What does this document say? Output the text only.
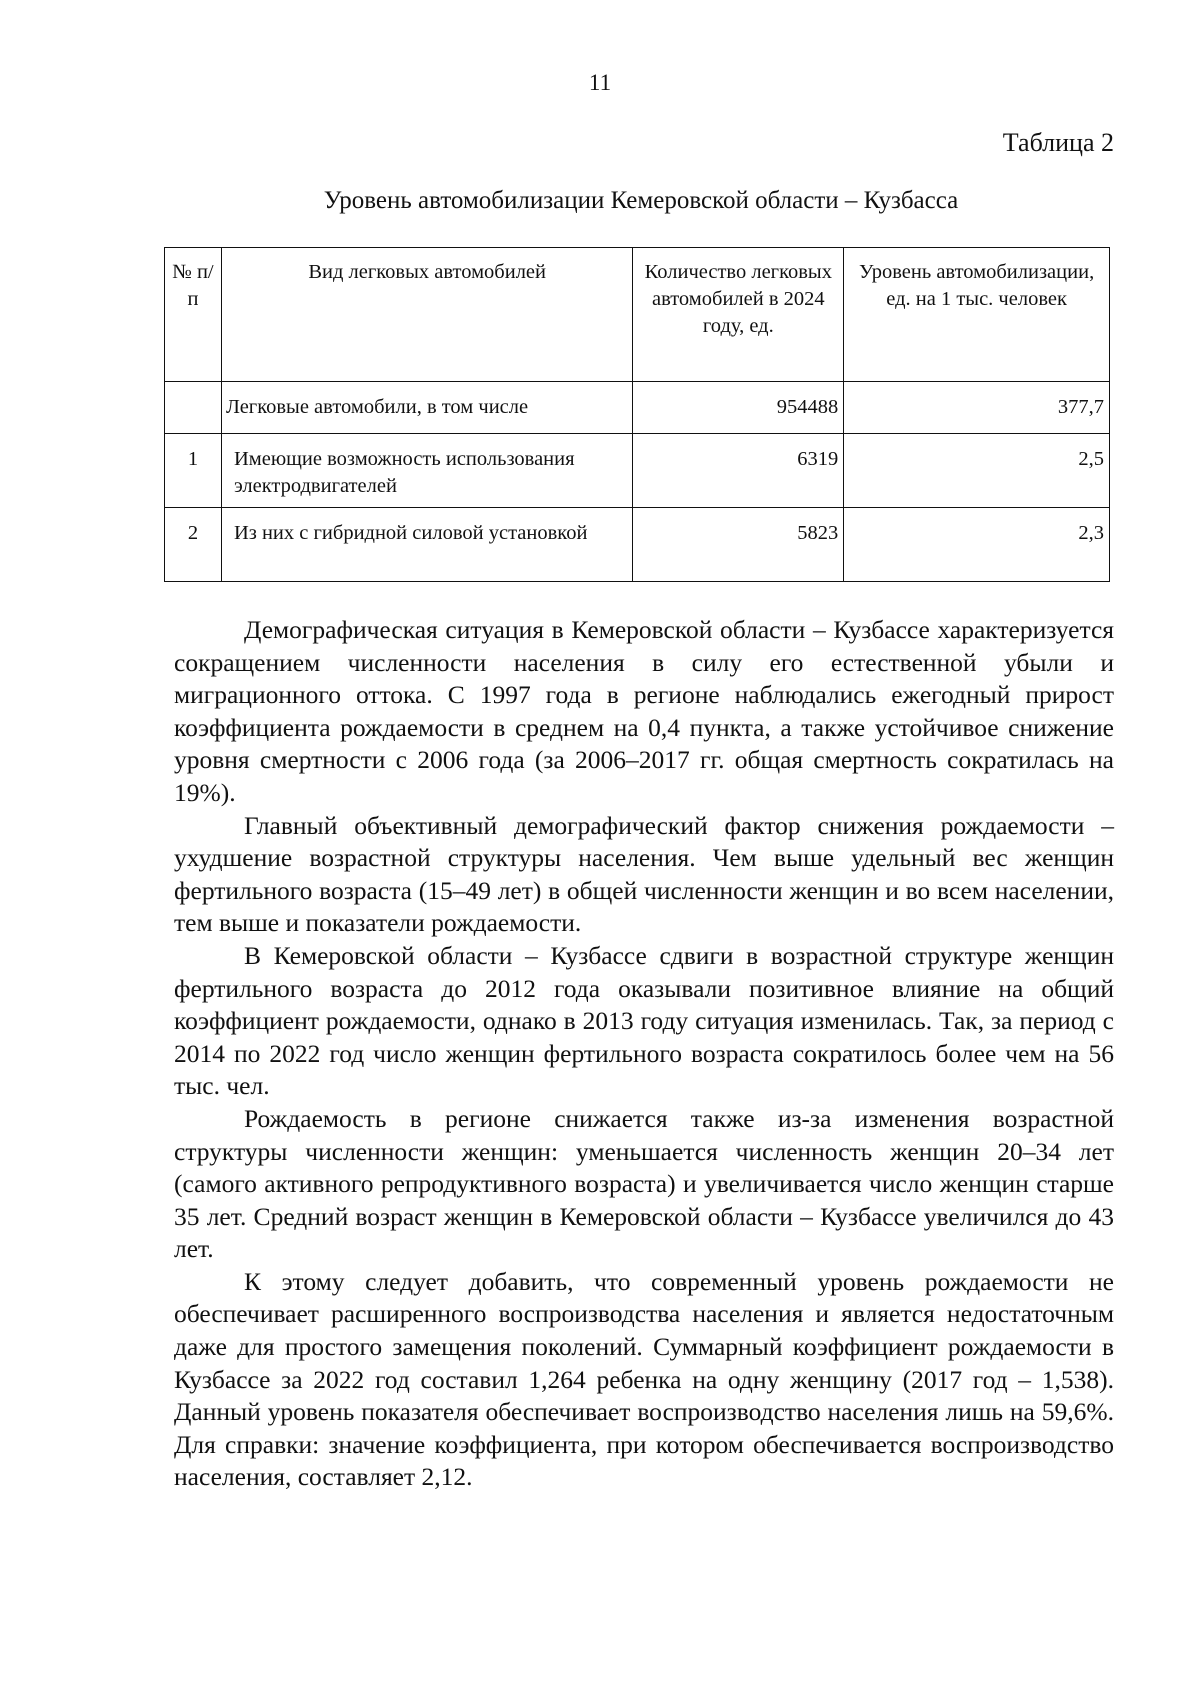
11
Таблица 2
Уровень автомобилизации Кемеровской области – Кузбасса
№ п/п	Вид легковых автомобилей	Количество легковых автомобилей в 2024 году, ед.	Уровень автомобилизации, ед. на 1 тыс. человек

	Легковые автомобили, в том числе	954488	377,7

1	Имеющие возможность использования электродвигателей	6319	2,5

2	Из них с гибридной силовой установкой	5823	2,3

Демографическая ситуация в Кемеровской области – Кузбассе характеризуется сокращением численности населения в силу его естественной убыли и миграционного оттока. С 1997 года в регионе наблюдались ежегодный прирост коэффициента рождаемости в среднем на 0,4 пункта, а также устойчивое снижение уровня смертности с 2006 года (за 2006–2017 гг. общая смертность сократилась на 19%).

Главный объективный демографический фактор снижения рождаемости – ухудшение возрастной структуры населения. Чем выше удельный вес женщин фертильного возраста (15–49 лет) в общей численности женщин и во всем населении, тем выше и показатели рождаемости.

В Кемеровской области – Кузбассе сдвиги в возрастной структуре женщин фертильного возраста до 2012 года оказывали позитивное влияние на общий коэффициент рождаемости, однако в 2013 году ситуация изменилась. Так, за период с 2014 по 2022 год число женщин фертильного возраста сократилось более чем на 56 тыс. чел.

Рождаемость в регионе снижается также из-за изменения возрастной структуры численности женщин: уменьшается численность женщин 20–34 лет (самого активного репродуктивного возраста) и увеличивается число женщин старше 35 лет. Средний возраст женщин в Кемеровской области – Кузбассе увеличился до 43 лет.

К этому следует добавить, что современный уровень рождаемости не обеспечивает расширенного воспроизводства населения и является недостаточным даже для простого замещения поколений. Суммарный коэффициент рождаемости в Кузбассе за 2022 год составил 1,264 ребенка на одну женщину (2017 год – 1,538). Данный уровень показателя обеспечивает воспроизводство населения лишь на 59,6%. Для справки: значение коэффициента, при котором обеспечивается воспроизводство населения, составляет 2,12.
